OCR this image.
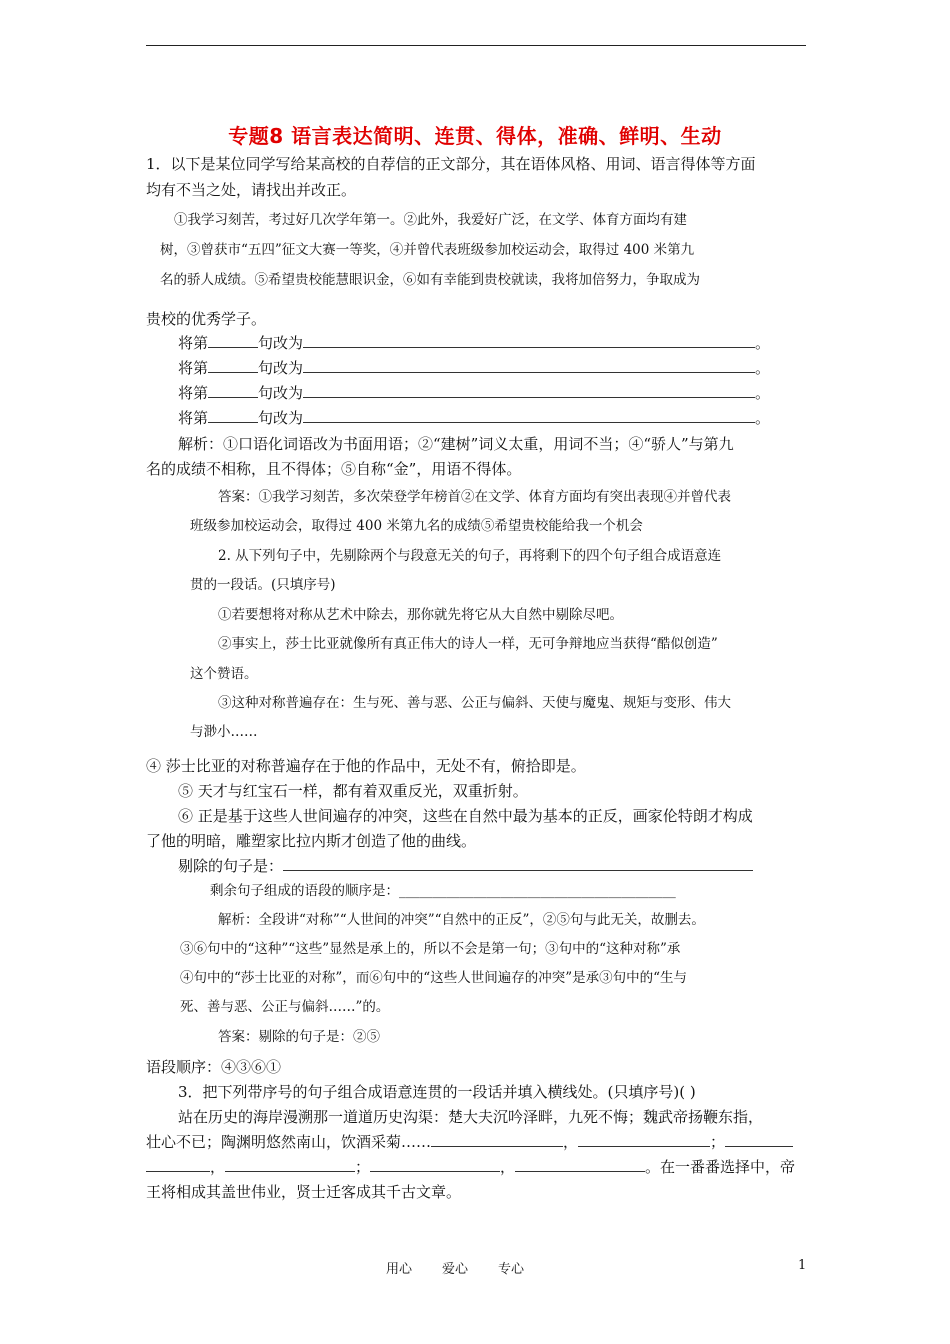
专题8 语言表达简明、连贯、得体，准确、鲜明、生动
1．以下是某位同学写给某高校的自荐信的正文部分，其在语体风格、用词、语言得体等方面
均有不当之处，请找出并改正。
①我学习刻苦，考过好几次学年第一。②此外，我爱好广泛，在文学、体育方面均有建
树，③曾获市“五四”征文大赛一等奖，④并曾代表班级参加校运动会，取得过 400 米第九
名的骄人成绩。⑤希望贵校能慧眼识金，⑥如有幸能到贵校就读，我将加倍努力，争取成为
贵校的优秀学子。
将第	句改为	。
将第	句改为	。
将第	句改为	。
将第	句改为	。
解析：①口语化词语改为书面用语；②“建树”词义太重，用词不当；④“骄人”与第九
名的成绩不相称，且不得体；⑤自称“金”，用语不得体。
答案：①我学习刻苦，多次荣登学年榜首②在文学、体育方面均有突出表现④并曾代表
班级参加校运动会，取得过 400 米第九名的成绩⑤希望贵校能给我一个机会
2. 从下列句子中，先剔除两个与段意无关的句子，再将剩下的四个句子组合成语意连
贯的一段话。(只填序号)
①若要想将对称从艺术中除去，那你就先将它从大自然中剔除尽吧。
②事实上，莎士比亚就像所有真正伟大的诗人一样，无可争辩地应当获得“酷似创造”
这个赞语。
③这种对称普遍存在：生与死、善与恶、公正与偏斜、天使与魔鬼、规矩与变形、伟大
与渺小……
④ 莎士比亚的对称普遍存在于他的作品中，无处不有，俯拾即是。
⑤ 天才与红宝石一样，都有着双重反光，双重折射。
⑥ 正是基于这些人世间遍存的冲突，这些在自然中最为基本的正反，画家伦特朗才构成
了他的明暗，雕塑家比拉内斯才创造了他的曲线。
剔除的句子是：
剩余句子组成的语段的顺序是：_________________________________________
解析：全段讲“对称”“人世间的冲突”“自然中的正反”，②⑤句与此无关，故删去。
③⑥句中的“这种”“这些”显然是承上的，所以不会是第一句；③句中的“这种对称”承
④句中的“莎士比亚的对称”，而⑥句中的“这些人世间遍存的冲突”是承③句中的“生与
死、善与恶、公正与偏斜……”的。
答案：剔除的句子是：②⑤
语段顺序：④③⑥①
3．把下列带序号的句子组合成语意连贯的一段话并填入横线处。(只填序号)( )
站在历史的海岸漫溯那一道道历史沟渠：楚大夫沉吟泽畔，九死不悔；魏武帝扬鞭东指，
壮心不已；陶渊明悠然南山，饮酒采菊……	，	；
，	；	，	。在一番番选择中，帝
王将相成其盖世伟业，贤士迁客成其千古文章。
用心 爱心 专心	1
